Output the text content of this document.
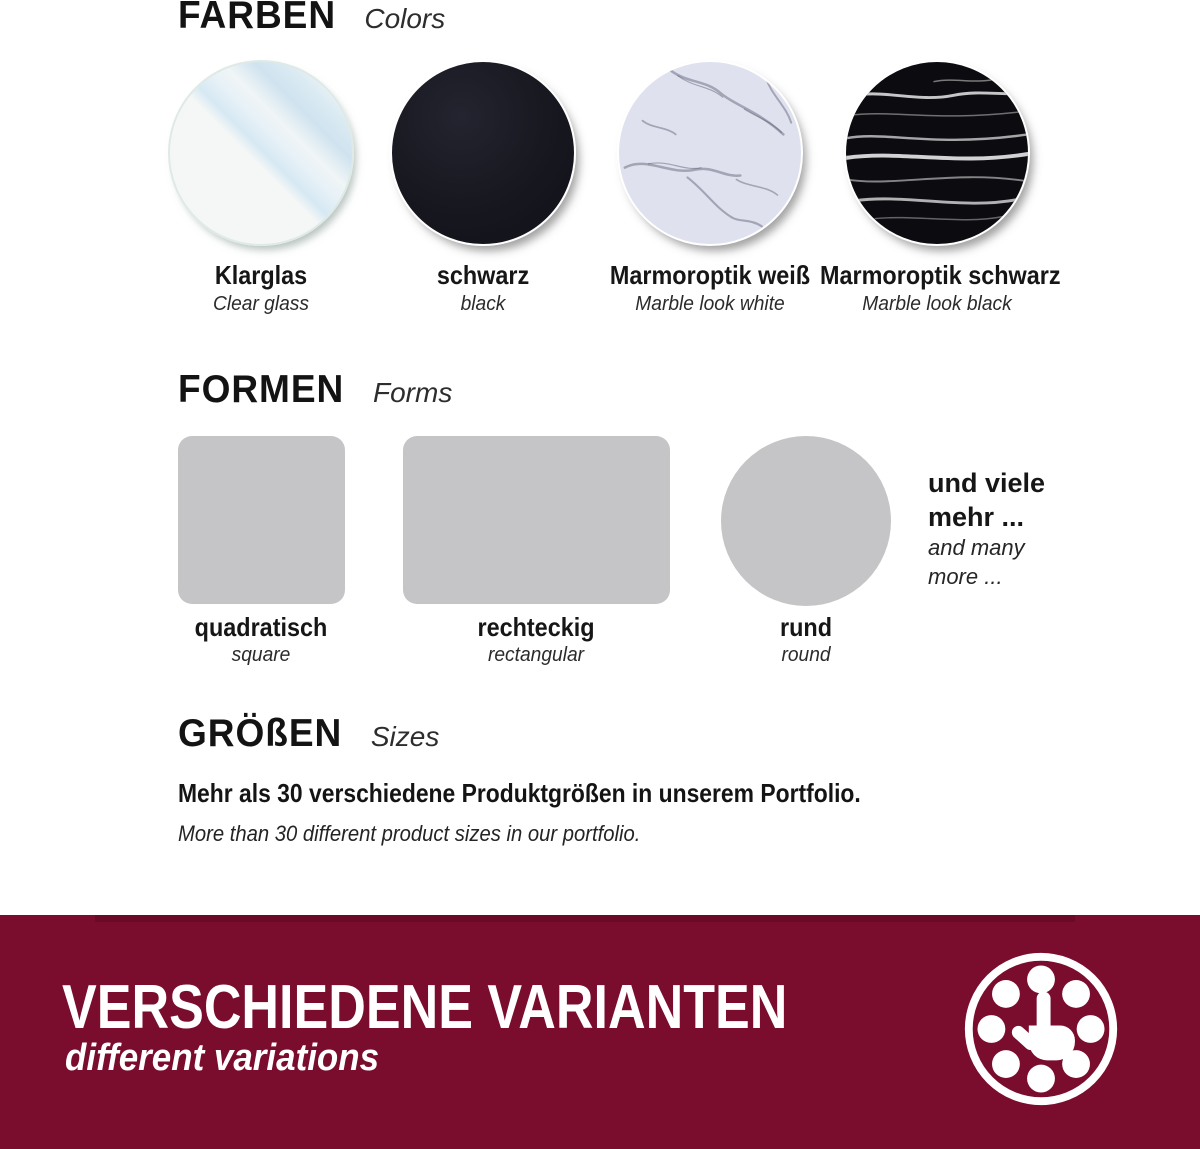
FARBEN Colors
Klarglas	schwarz	Marmoroptik weiß Marmoroptik schwarz
Clear glass	black	Marble look white	Marble look black
FORMEN Forms
quadratisch	rechteckig	rund
square	rectangular	round
und viele mehr ...
and many more ...
GRÖßEN Sizes
Mehr als 30 verschiedene Produktgrößen in unserem Portfolio.
More than 30 different product sizes in our portfolio.
VERSCHIEDENE VARIANTEN
different variations
